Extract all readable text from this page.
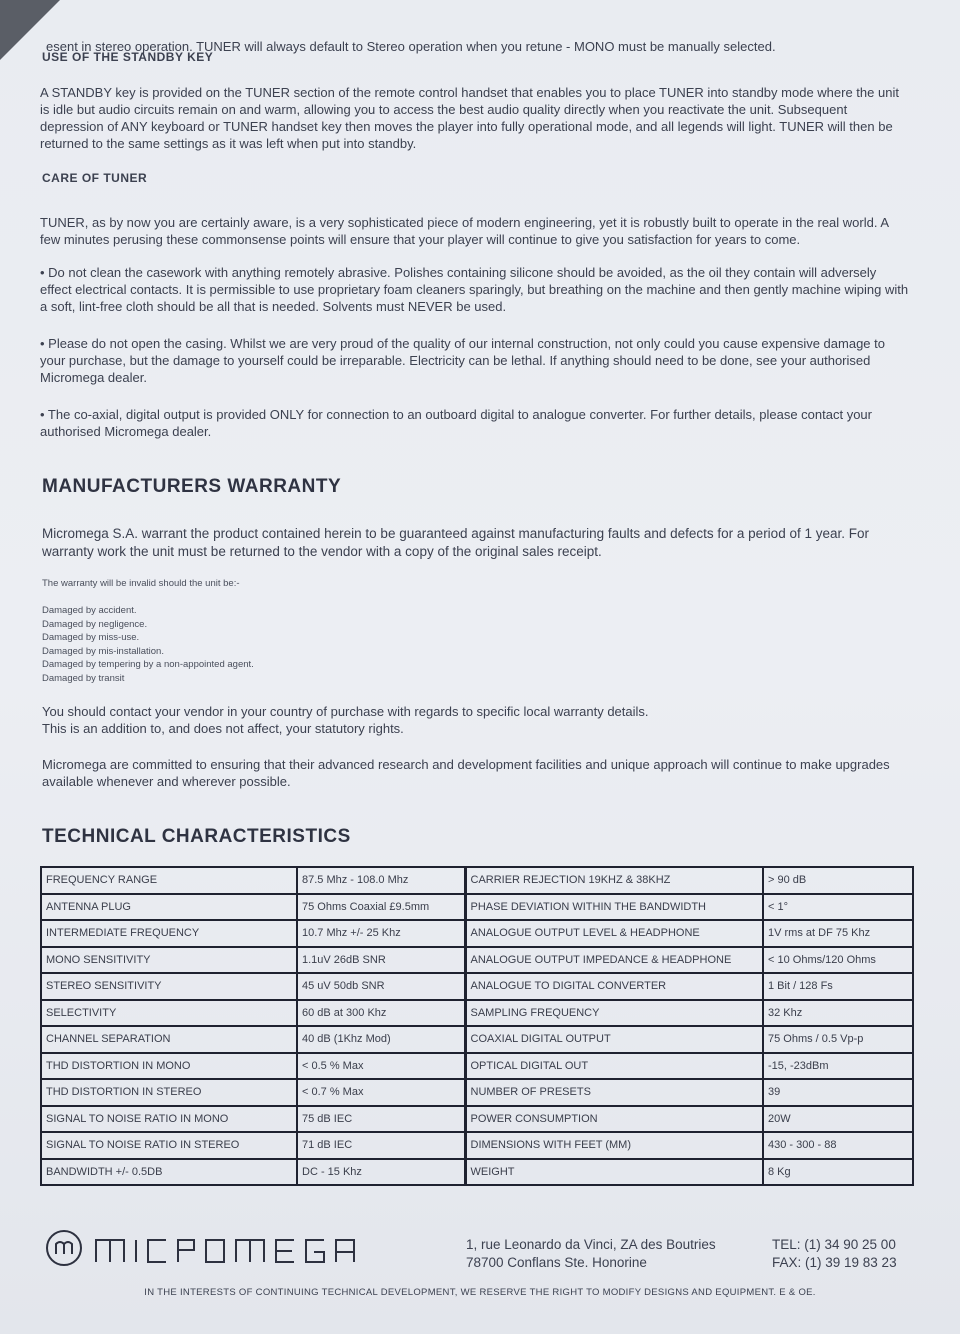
esent in stereo operation. TUNER will always default to Stereo operation when you retune - MONO must be manually selected.

USE OF THE STANDBY KEY

A STANDBY key is provided on the TUNER section of the remote control handset that enables you to place TUNER into standby mode where the unit is idle but audio circuits remain on and warm, allowing you to access the best audio quality directly when you reactivate the unit. Subsequent depression of ANY keyboard or TUNER handset key then moves the player into fully operational mode, and all legends will light. TUNER will then be returned to the same settings as it was left when put into standby.

CARE OF TUNER

TUNER, as by now you are certainly aware, is a very sophisticated piece of modern engineering, yet it is robustly built to operate in the real world. A few minutes perusing these commonsense points will ensure that your player will continue to give you satisfaction for years to come.

• Do not clean the casework with anything remotely abrasive. Polishes containing silicone should be avoided, as the oil they contain will adversely effect electrical contacts. It is permissible to use proprietary foam cleaners sparingly, but breathing on the machine and then gently machine wiping with a soft, lint-free cloth should be all that is needed. Solvents must NEVER be used.

• Please do not open the casing. Whilst we are very proud of the quality of our internal construction, not only could you cause expensive damage to your purchase, but the damage to yourself could be irreparable. Electricity can be lethal. If anything should need to be done, see your authorised Micromega dealer.

• The co-axial, digital output is provided ONLY for connection to an outboard digital to analogue converter. For further details, please contact your authorised Micromega dealer.

MANUFACTURERS WARRANTY

Micromega S.A. warrant the product contained herein to be guaranteed against manufacturing faults and defects for a period of 1 year. For warranty work the unit must be returned to the vendor with a copy of the original sales receipt.

The warranty will be invalid should the unit be:-

Damaged by accident.
Damaged by negligence.
Damaged by miss-use.
Damaged by mis-installation.
Damaged by tempering by a non-appointed agent.
Damaged by transit

You should contact your vendor in your country of purchase with regards to specific local warranty details.

This is an addition to, and does not affect, your statutory rights.

Micromega are committed to ensuring that their advanced research and development facilities and unique approach will continue to make upgrades available whenever and wherever possible.

TECHNICAL CHARACTERISTICS
FREQUENCY RANGE	87.5 Mhz - 108.0 Mhz	CARRIER REJECTION 19KHZ & 38KHZ	> 90 dB
ANTENNA PLUG	75 Ohms Coaxial £9.5mm	PHASE DEVIATION WITHIN THE BANDWIDTH	< 1°
INTERMEDIATE FREQUENCY	10.7 Mhz +/- 25 Khz	ANALOGUE OUTPUT LEVEL & HEADPHONE	1V rms at DF 75 Khz
MONO SENSITIVITY	1.1uV 26dB SNR	ANALOGUE OUTPUT IMPEDANCE & HEADPHONE	< 10 Ohms/120 Ohms
STEREO SENSITIVITY	45 uV 50db SNR	ANALOGUE TO DIGITAL CONVERTER	1 Bit / 128 Fs
SELECTIVITY	60 dB at 300 Khz	SAMPLING FREQUENCY	32 Khz
CHANNEL SEPARATION	40 dB (1Khz Mod)	COAXIAL DIGITAL OUTPUT	75 Ohms / 0.5 Vp-p
THD DISTORTION IN MONO	< 0.5 % Max	OPTICAL DIGITAL OUT	-15, -23dBm
THD DISTORTION IN STEREO	< 0.7 % Max	NUMBER OF PRESETS	39
SIGNAL TO NOISE RATIO IN MONO	75 dB IEC	POWER CONSUMPTION	20W
SIGNAL TO NOISE RATIO IN STEREO	71 dB IEC	DIMENSIONS WITH FEET (MM)	430 - 300 - 88
BANDWIDTH +/- 0.5DB	DC - 15 Khz	WEIGHT	8 Kg
1, rue Leonardo da Vinci, ZA des Boutries
78700 Conflans Ste. Honorine
TEL: (1) 34 90 25 00
FAX: (1) 39 19 83 23

IN THE INTERESTS OF CONTINUING TECHNICAL DEVELOPMENT, WE RESERVE THE RIGHT TO MODIFY DESIGNS AND EQUIPMENT. E & OE.
